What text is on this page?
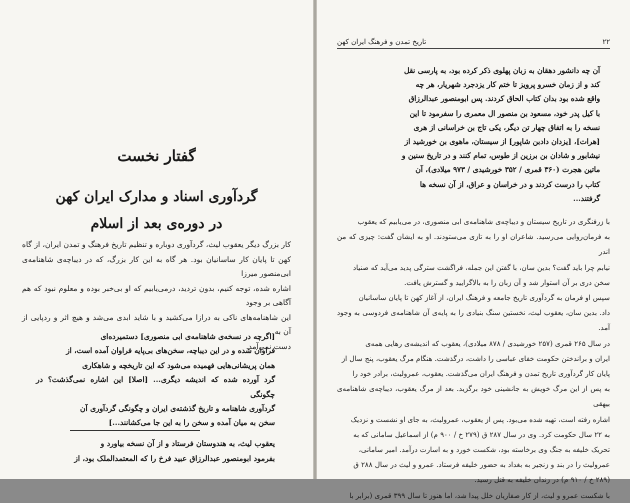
گفتار نخست
گردآوری اسناد و مدارک ایران کهن
در دوره‌ی بعد از اسلام
کار بزرگ دیگر یعقوب لیث، گردآوری دوباره و تنظیم تاریخ فرهنگ و تمدن ایران، از گاه
کهن تا پایان کار ساسانیان بود. هر گاه به این کار بزرگ، که در دیباچه‌ی شاهنامه‌ی ابی‌منصور میرزا
اشاره شده، توجه کنیم، بدون تردید، درمی‌یابیم که او بی‌خبر بوده و معلوم نبود که هم آگاهی بر وجود
این شاهنامه‌های ناکی به درازا می‌کشید و با شاید ابدی می‌شد و هیچ اثر و ردپایی از آن به
دست نمی‌آمد.
[اگرچه در نسخه‌ی شاهنامه‌ی ابی منصوری] دستمیرده‌ای
فراوان شده و در این دیباچه، سخن‌های بی‌پایه فراوان آمده است، از
همان پریشانی‌هایی فهمیده می‌شود که این تاریخچه و شاهکاری
گرد آورده شده که اندیشه دیگری... [اصلا] این اشاره نمی‌گذشت؟ در چگونگی
گردآوری شاهنامه و تاریخ گذشته‌ی ایران و چگونگی گردآوری آن
سخن به میان آمده و سخن را به این جا می‌کشانند...]
یعقوب لیث، به هندوستان فرستاد و از آن نسخه بیاورد و
بفرمود ابومنصور عبدالرزاق عبید فرخ را که المعتمدالملک بود، از
۲۲
تاریخ تمدن و فرهنگ ایران کهن
آن چه دانشور دهقان به زبان پهلوی ذکر کرده بود، به پارسی نقل
کند و از زمان خسرو پرویز تا ختم کار یزدجرد شهریار، هر چه
واقع شده بود بدان کتاب الحاق کردند. پس ابومنصور عبدالرزاق
با کیل پدر خود، مسعود بن منصور ال معمری را سفرمود تا این
نسخه را به اتفاق چهار تن دیگر، یکی تاج بن خراسانی از هری
[هرات]، [یزدان دادبن شاپور] از سیستان، ماهوی بن خورشید از
نیشابور و شادان بن برزین از طوس، تمام کنند و در تاریخ سنین و
ماتین هجرت (۳۶۰ قمری / ۳۵۲ خورشیدی / ۹۷۳ میلادی)، آن
کتاب را درست کردند و در خراسان و عراق، از آن نسخه ها
گرفتند...
با زرفنگری در تاریخ سیستان و دیباچه‌ی شاهنامه‌ی ابی منصوری، در می‌یابیم که یعقوب
به فرمان‌روایی می‌رسید. شاعران او را به تازی می‌ستودند. او به ایشان گفت: چیزی که من اندر
نیابم چرا باید گفت؟ بدین سان، با گفتن این جمله، فراگشت سترگی پدید می‌آید که صنیاد
سخن دری بر آن استوار شد و آن زبان را به بالاگرایید و گسترش یافت.
سپس او فرمان به گردآوری تاریخ جامعه و فرهنگ ایران، از آغاز کهن تا پایان ساسانیان
داد. بدین سان، یعقوب لیث، نخستین سنگ بنیادی را به پایه‌ی آن شاهنامه‌ی فردوسی به وجود آمد.
در سال ۲۶۵ قمری (۲۵۷ خورشیدی / ۸۷۸ میلادی)، یعقوب که اندیشه‌ی رهایی همه‌ی
ایران و براندختن حکومت خفای عباسی را داشت، درگذشت. هنگام مرگ یعقوب، پنج سال از
پایان کار گردآوری تاریخ تمدن و فرهنگ ایران می‌گذشت. یعقوب، عمرولیث، برادر خود را
به پس از این مرگ خویش به جانشینی خود برگزید. بعد از مرگ یعقوب، دیباچه‌ی شاهنامه‌ی بیهقی
اشاره رفته است، تهیه شده می‌بود. پس از یعقوب، عمرولیث، به جای او نشست و نزدیک
به ۲۲ سال حکومت کرد. وی در سال ۲۸۷ ق (۲۷۹ خ / ۹۰۰ م) از اسماعیل سامانی که به
تحریک خلیفه به جنگ وی برخاسته بود، شکست خورد و به اسارت درآمد. امیر سامانی،
عمرولیث را در بند و زنجیر به بغداد به حضور خلیفه فرستاد. عمرو و لیث در سال ۲۸۸ ق
(۲۸۹ خ / ۹۱۰ م) در زندان خلیفه به قتل رسید.
با شکست عمرو و لیث، از کار صفاریان خلل پیدا شد، اما هنوز تا سال ۳۹۹ قمری (برابر با
